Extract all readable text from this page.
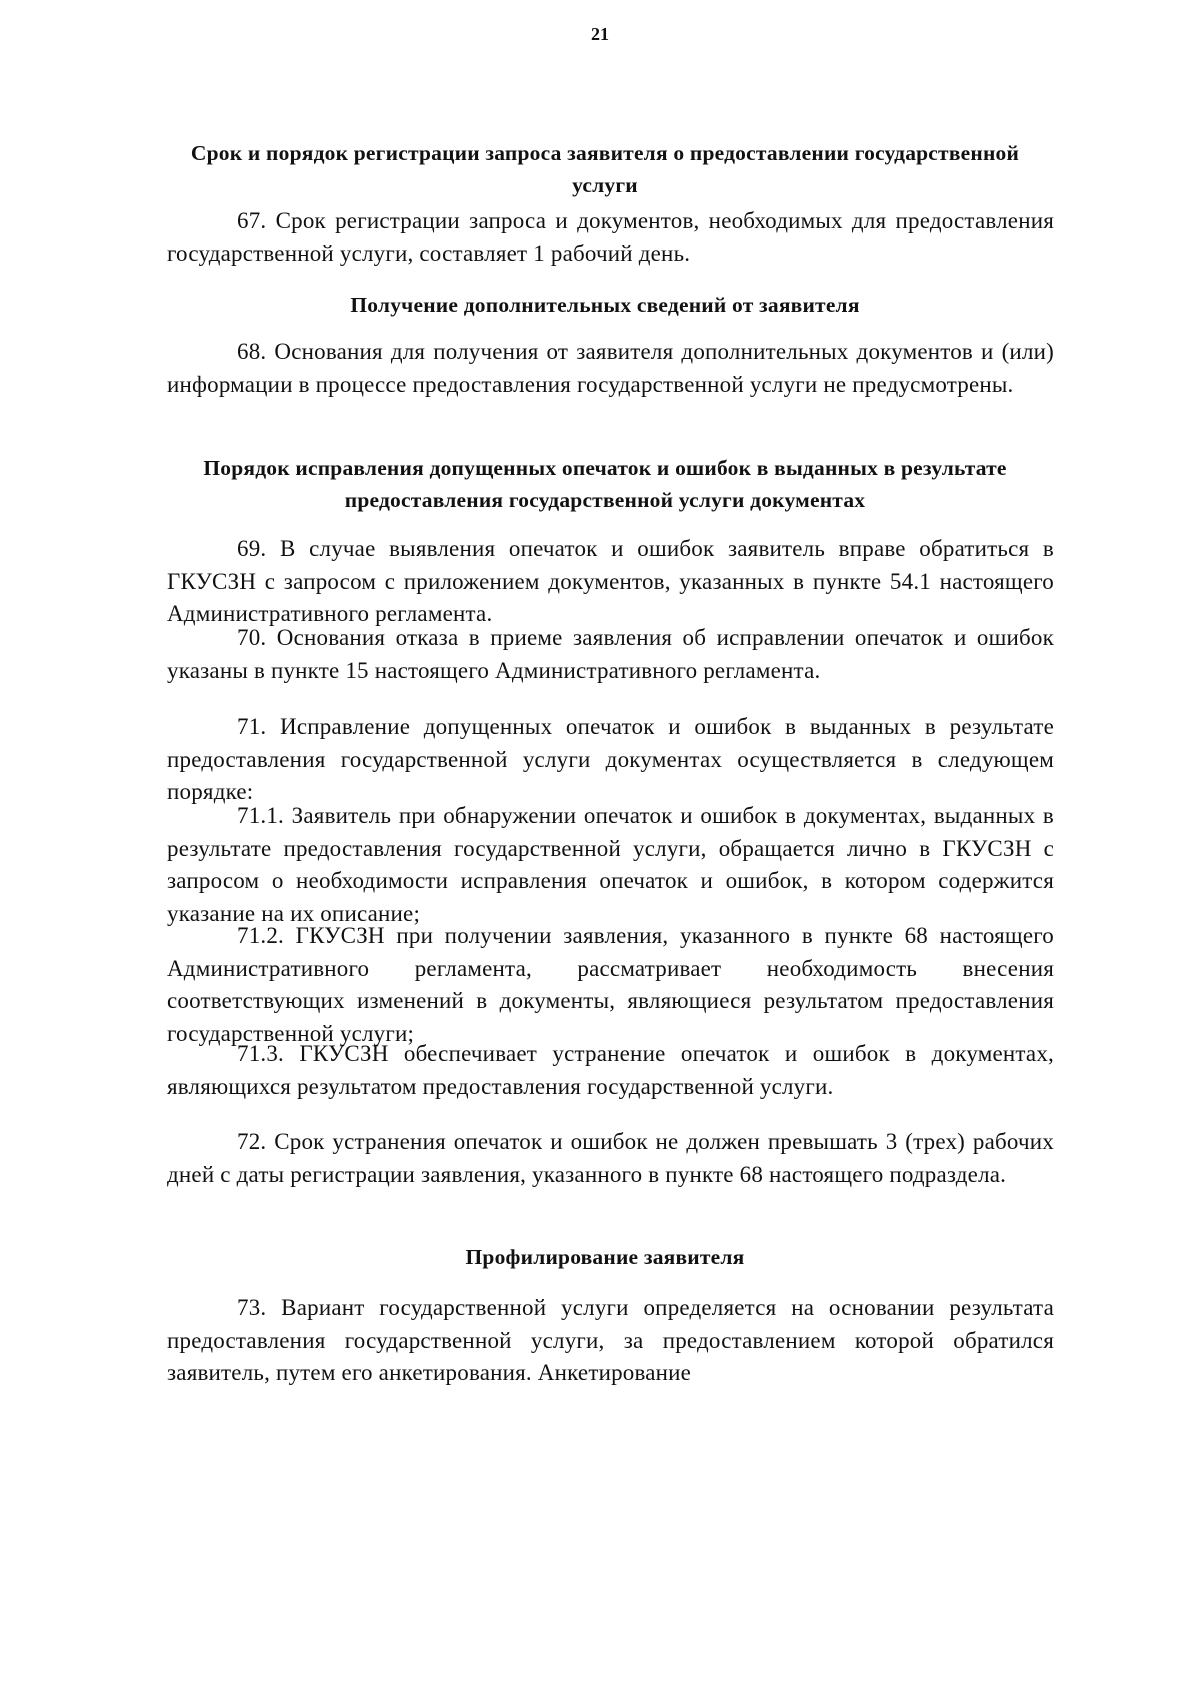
21
Срок и порядок регистрации запроса заявителя о предоставлении государственной услуги

67. Срок регистрации запроса и документов, необходимых для предоставления государственной услуги, составляет 1 рабочий день.

Получение дополнительных сведений от заявителя

68. Основания для получения от заявителя дополнительных документов и (или) информации в процессе предоставления государственной услуги не предусмотрены.

Порядок исправления допущенных опечаток и ошибок в выданных в результате предоставления государственной услуги документах

69. В случае выявления опечаток и ошибок заявитель вправе обратиться в ГКУСЗН с запросом с приложением документов, указанных в пункте 54.1 настоящего Административного регламента.

70. Основания отказа в приеме заявления об исправлении опечаток и ошибок указаны в пункте 15 настоящего Административного регламента.

71. Исправление допущенных опечаток и ошибок в выданных в результате предоставления государственной услуги документах осуществляется в следующем порядке:

71.1. Заявитель при обнаружении опечаток и ошибок в документах, выданных в результате предоставления государственной услуги, обращается лично в ГКУСЗН с запросом о необходимости исправления опечаток и ошибок, в котором содержится указание на их описание;

71.2. ГКУСЗН при получении заявления, указанного в пункте 68 настоящего Административного регламента, рассматривает необходимость внесения соответствующих изменений в документы, являющиеся результатом предоставления государственной услуги;

71.3. ГКУСЗН обеспечивает устранение опечаток и ошибок в документах, являющихся результатом предоставления государственной услуги.

72. Срок устранения опечаток и ошибок не должен превышать 3 (трех) рабочих дней с даты регистрации заявления, указанного в пункте 68 настоящего подраздела.

Профилирование заявителя

73. Вариант государственной услуги определяется на основании результата предоставления государственной услуги, за предоставлением которой обратился заявитель, путем его анкетирования. Анкетирование
